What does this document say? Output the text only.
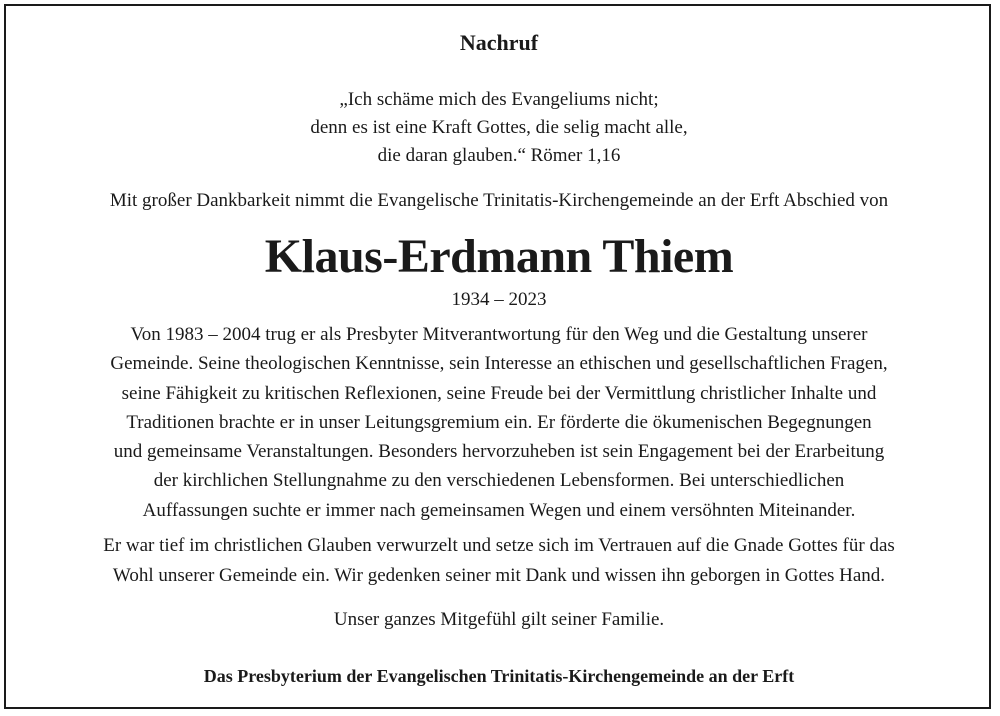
Nachruf
„Ich schäme mich des Evangeliums nicht;
denn es ist eine Kraft Gottes, die selig macht alle,
die daran glauben.“ Römer 1,16
Mit großer Dankbarkeit nimmt die Evangelische Trinitatis-Kirchengemeinde an der Erft Abschied von
Klaus-Erdmann Thiem
1934 – 2023
Von 1983 – 2004 trug er als Presbyter Mitverantwortung für den Weg und die Gestaltung unserer
Gemeinde. Seine theologischen Kenntnisse, sein Interesse an ethischen und gesellschaftlichen Fragen,
seine Fähigkeit zu kritischen Reflexionen, seine Freude bei der Vermittlung christlicher Inhalte und
Traditionen brachte er in unser Leitungsgremium ein. Er förderte die ökumenischen Begegnungen
und gemeinsame Veranstaltungen. Besonders hervorzuheben ist sein Engagement bei der Erarbeitung
der kirchlichen Stellungnahme zu den verschiedenen Lebensformen. Bei unterschiedlichen
Auffassungen suchte er immer nach gemeinsamen Wegen und einem versöhnten Miteinander.
Er war tief im christlichen Glauben verwurzelt und setze sich im Vertrauen auf die Gnade Gottes für das
Wohl unserer Gemeinde ein. Wir gedenken seiner mit Dank und wissen ihn geborgen in Gottes Hand.
Unser ganzes Mitgefühl gilt seiner Familie.
Das Presbyterium der Evangelischen Trinitatis-Kirchengemeinde an der Erft
